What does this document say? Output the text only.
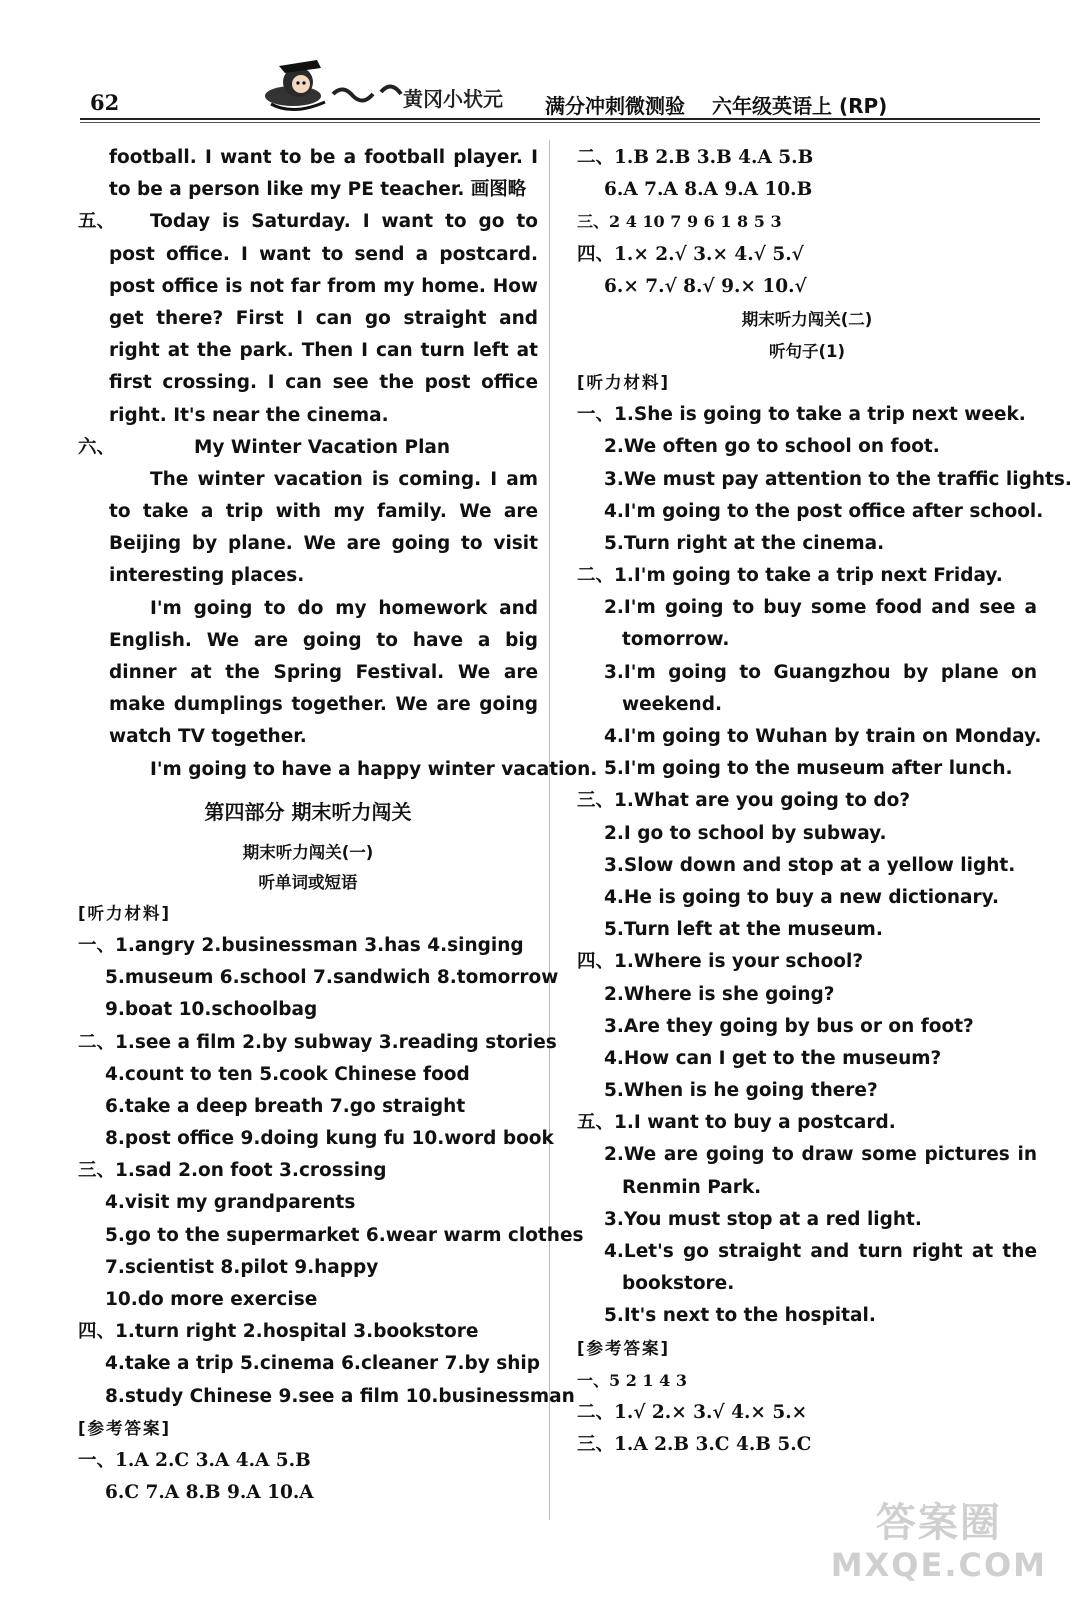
62	黄冈小状元 满分冲刺微测验 六年级英语上 (RP)
football. I want to be a football player. I
to be a person like my PE teacher. 画图略
五、 Today is Saturday. I want to go to
post office. I want to send a postcard.
post office is not far from my home. How
get there? First I can go straight and
right at the park. Then I can turn left at
first crossing. I can see the post office
right. It's near the cinema.
六、	My Winter Vacation Plan
The winter vacation is coming. I am
to take a trip with my family. We are
Beijing by plane. We are going to visit
interesting places.
I'm going to do my homework and
English. We are going to have a big
dinner at the Spring Festival. We are
make dumplings together. We are going
watch TV together.
I'm going to have a happy winter vacation.
第四部分 期末听力闯关
期末听力闯关(一)
听单词或短语
[听力材料]
一、1.angry 2.businessman 3.has 4.singing
5.museum 6.school 7.sandwich 8.tomorrow
9.boat 10.schoolbag
二、1.see a film 2.by subway 3.reading stories
4.count to ten 5.cook Chinese food
6.take a deep breath 7.go straight
8.post office 9.doing kung fu 10.word book
三、1.sad 2.on foot 3.crossing
4.visit my grandparents
5.go to the supermarket 6.wear warm clothes
7.scientist 8.pilot 9.happy
10.do more exercise
四、1.turn right 2.hospital 3.bookstore
4.take a trip 5.cinema 6.cleaner 7.by ship
8.study Chinese 9.see a film 10.businessman
[参考答案]
一、1.A 2.C 3.A 4.A 5.B
6.C 7.A 8.B 9.A 10.A
二、1.B 2.B 3.B 4.A 5.B
6.A 7.A 8.A 9.A 10.B
三、2 4 10 7 9 6 1 8 5 3
四、1.× 2.√ 3.× 4.√ 5.√
6.× 7.√ 8.√ 9.× 10.√
期末听力闯关(二)
听句子(1)
[听力材料]
一、1.She is going to take a trip next week.
2.We often go to school on foot.
3.We must pay attention to the traffic lights.
4.I'm going to the post office after school.
5.Turn right at the cinema.
二、1.I'm going to take a trip next Friday.
2.I'm going to buy some food and see a
tomorrow.
3.I'm going to Guangzhou by plane on
weekend.
4.I'm going to Wuhan by train on Monday.
5.I'm going to the museum after lunch.
三、1.What are you going to do?
2.I go to school by subway.
3.Slow down and stop at a yellow light.
4.He is going to buy a new dictionary.
5.Turn left at the museum.
四、1.Where is your school?
2.Where is she going?
3.Are they going by bus or on foot?
4.How can I get to the museum?
5.When is he going there?
五、1.I want to buy a postcard.
2.We are going to draw some pictures in
Renmin Park.
3.You must stop at a red light.
4.Let's go straight and turn right at the
bookstore.
5.It's next to the hospital.
[参考答案]
一、5 2 1 4 3
二、1.√ 2.× 3.√ 4.× 5.×
三、1.A 2.B 3.C 4.B 5.C
答案圈
MXQE.COM
